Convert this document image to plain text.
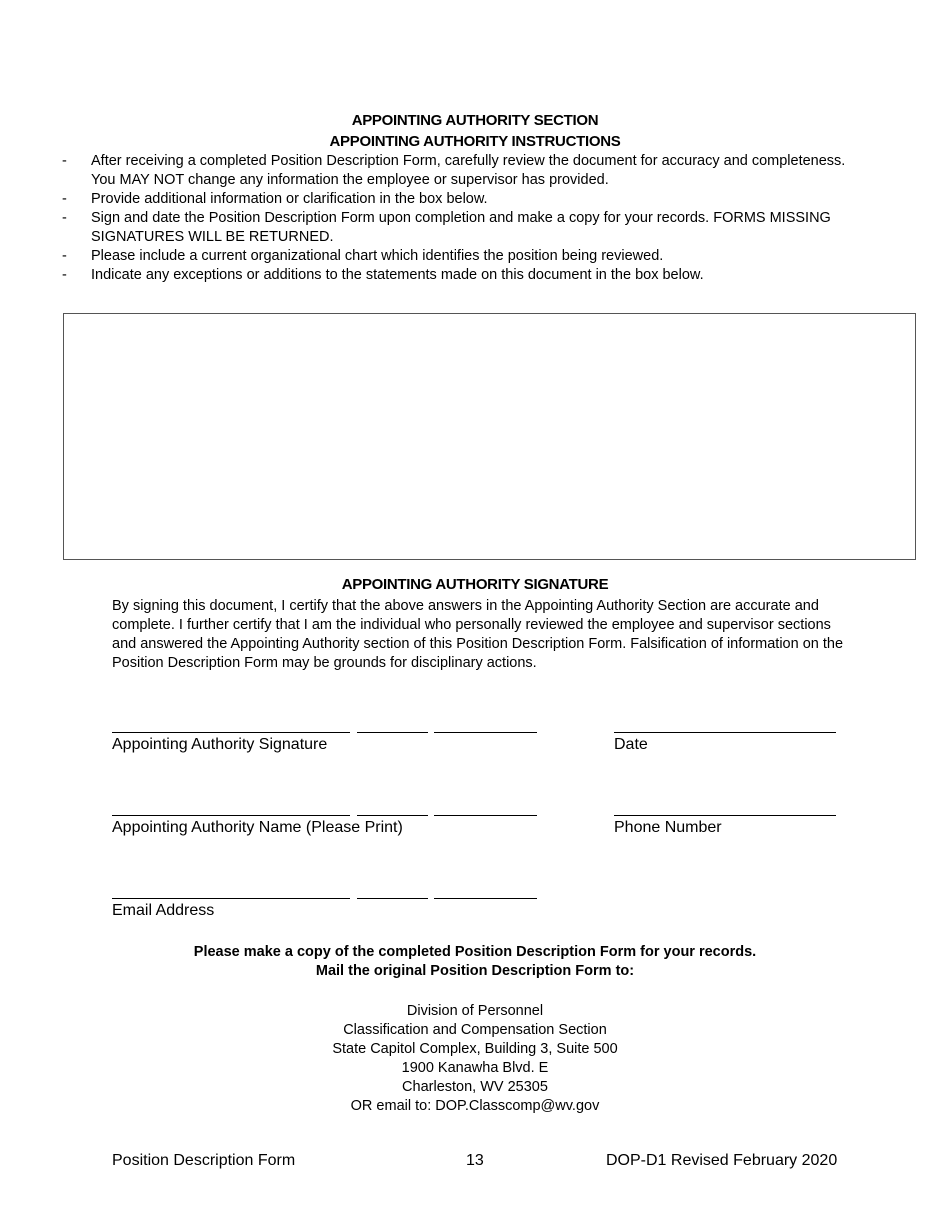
APPOINTING AUTHORITY SECTION
APPOINTING AUTHORITY INSTRUCTIONS
- After receiving a completed Position Description Form, carefully review the document for accuracy and completeness. You MAY NOT change any information the employee or supervisor has provided.
- Provide additional information or clarification in the box below.
- Sign and date the Position Description Form upon completion and make a copy for your records. FORMS MISSING SIGNATURES WILL BE RETURNED.
- Please include a current organizational chart which identifies the position being reviewed.
- Indicate any exceptions or additions to the statements made on this document in the box below.
APPOINTING AUTHORITY SIGNATURE
By signing this document, I certify that the above answers in the Appointing Authority Section are accurate and complete. I further certify that I am the individual who personally reviewed the employee and supervisor sections and answered the Appointing Authority section of this Position Description Form. Falsification of information on the Position Description Form may be grounds for disciplinary actions.
Appointing Authority Signature	Date
Appointing Authority Name (Please Print)	Phone Number
Email Address
Please make a copy of the completed Position Description Form for your records.
Mail the original Position Description Form to:
Division of Personnel
Classification and Compensation Section
State Capitol Complex, Building 3, Suite 500
1900 Kanawha Blvd. E
Charleston, WV 25305
OR email to: DOP.Classcomp@wv.gov
Position Description Form	13	DOP-D1 Revised February 2020
